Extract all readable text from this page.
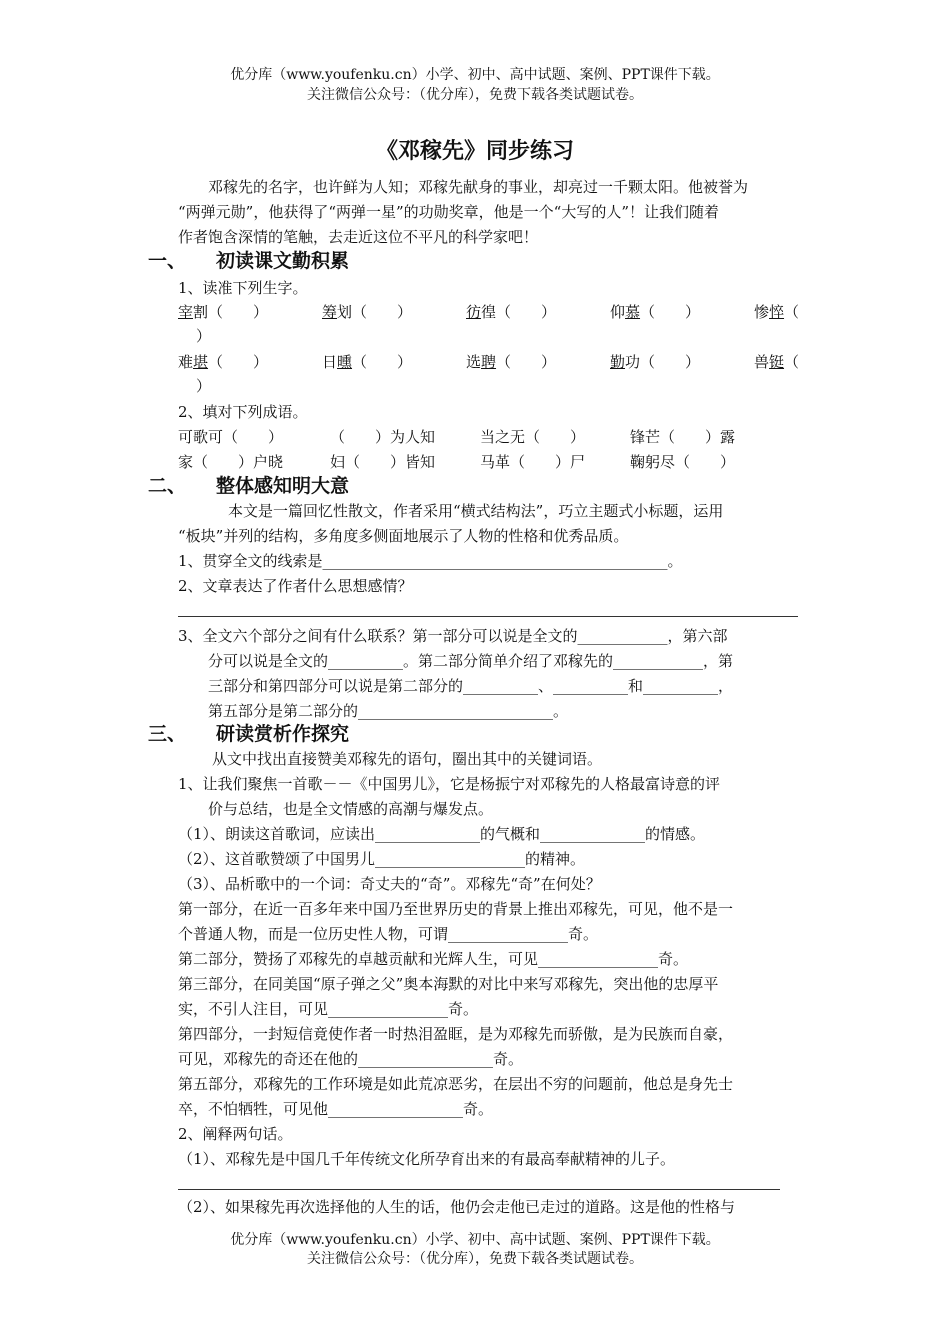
优分库（www.youfenku.cn）小学、初中、高中试题、案例、PPT课件下载。
关注微信公众号：（优分库），免费下载各类试题试卷。
《邓稼先》同步练习
邓稼先的名字，也许鲜为人知；邓稼先献身的事业，却亮过一千颗太阳。他被誉为
“两弹元勋”，他获得了“两弹一星”的功勋奖章，他是一个“大写的人”！让我们随着
作者饱含深情的笔触，去走近这位不平凡的科学家吧！
一、 初读课文勤积累
1、读准下列生字。
宰割（　　）	筹划（　　）	彷徨（　　）	仰慕（　　）	惨悴（
）
难堪（　　）	日曛（　　）	选聘（　　）	勤功（　　）	兽铤（
）
2、填对下列成语。
可歌可（　　）	（　　）为人知	当之无（　　）	锋芒（　　）露
家（　　）户晓	妇（　　）皆知	马革（　　）尸	鞠躬尽（　　）
二、 整体感知明大意
本文是一篇回忆性散文，作者采用“横式结构法”，巧立主题式小标题，运用
“板块”并列的结构，多角度多侧面地展示了人物的性格和优秀品质。
1、贯穿全文的线索是______________________________________________。
2、文章表达了作者什么思想感情？
3、全文六个部分之间有什么联系？第一部分可以说是全文的____________，第六部
分可以说是全文的__________。第二部分简单介绍了邓稼先的____________，第
三部分和第四部分可以说是第二部分的__________、__________和__________，
第五部分是第二部分的__________________________。
三、 研读赏析作探究
从文中找出直接赞美邓稼先的语句，圈出其中的关键词语。
1、让我们聚焦一首歌－－《中国男儿》，它是杨振宁对邓稼先的人格最富诗意的评
价与总结，也是全文情感的高潮与爆发点。
（1）、朗读这首歌词，应读出______________的气概和______________的情感。
（2）、这首歌赞颂了中国男儿____________________的精神。
（3）、品析歌中的一个词：奇丈夫的“奇”。邓稼先“奇”在何处？
第一部分，在近一百多年来中国乃至世界历史的背景上推出邓稼先，可见，他不是一
个普通人物，而是一位历史性人物，可谓________________奇。
第二部分，赞扬了邓稼先的卓越贡献和光辉人生，可见________________奇。
第三部分，在同美国“原子弹之父”奥本海默的对比中来写邓稼先，突出他的忠厚平
实，不引人注目，可见________________奇。
第四部分，一封短信竟使作者一时热泪盈眶，是为邓稼先而骄傲，是为民族而自豪，
可见，邓稼先的奇还在他的__________________奇。
第五部分，邓稼先的工作环境是如此荒凉恶劣，在层出不穷的问题前，他总是身先士
卒，不怕牺牲，可见他__________________奇。
2、阐释两句话。
（1）、邓稼先是中国几千年传统文化所孕育出来的有最高奉献精神的儿子。
（2）、如果稼先再次选择他的人生的话，他仍会走他已走过的道路。这是他的性格与
优分库（www.youfenku.cn）小学、初中、高中试题、案例、PPT课件下载。
关注微信公众号：（优分库），免费下载各类试题试卷。
